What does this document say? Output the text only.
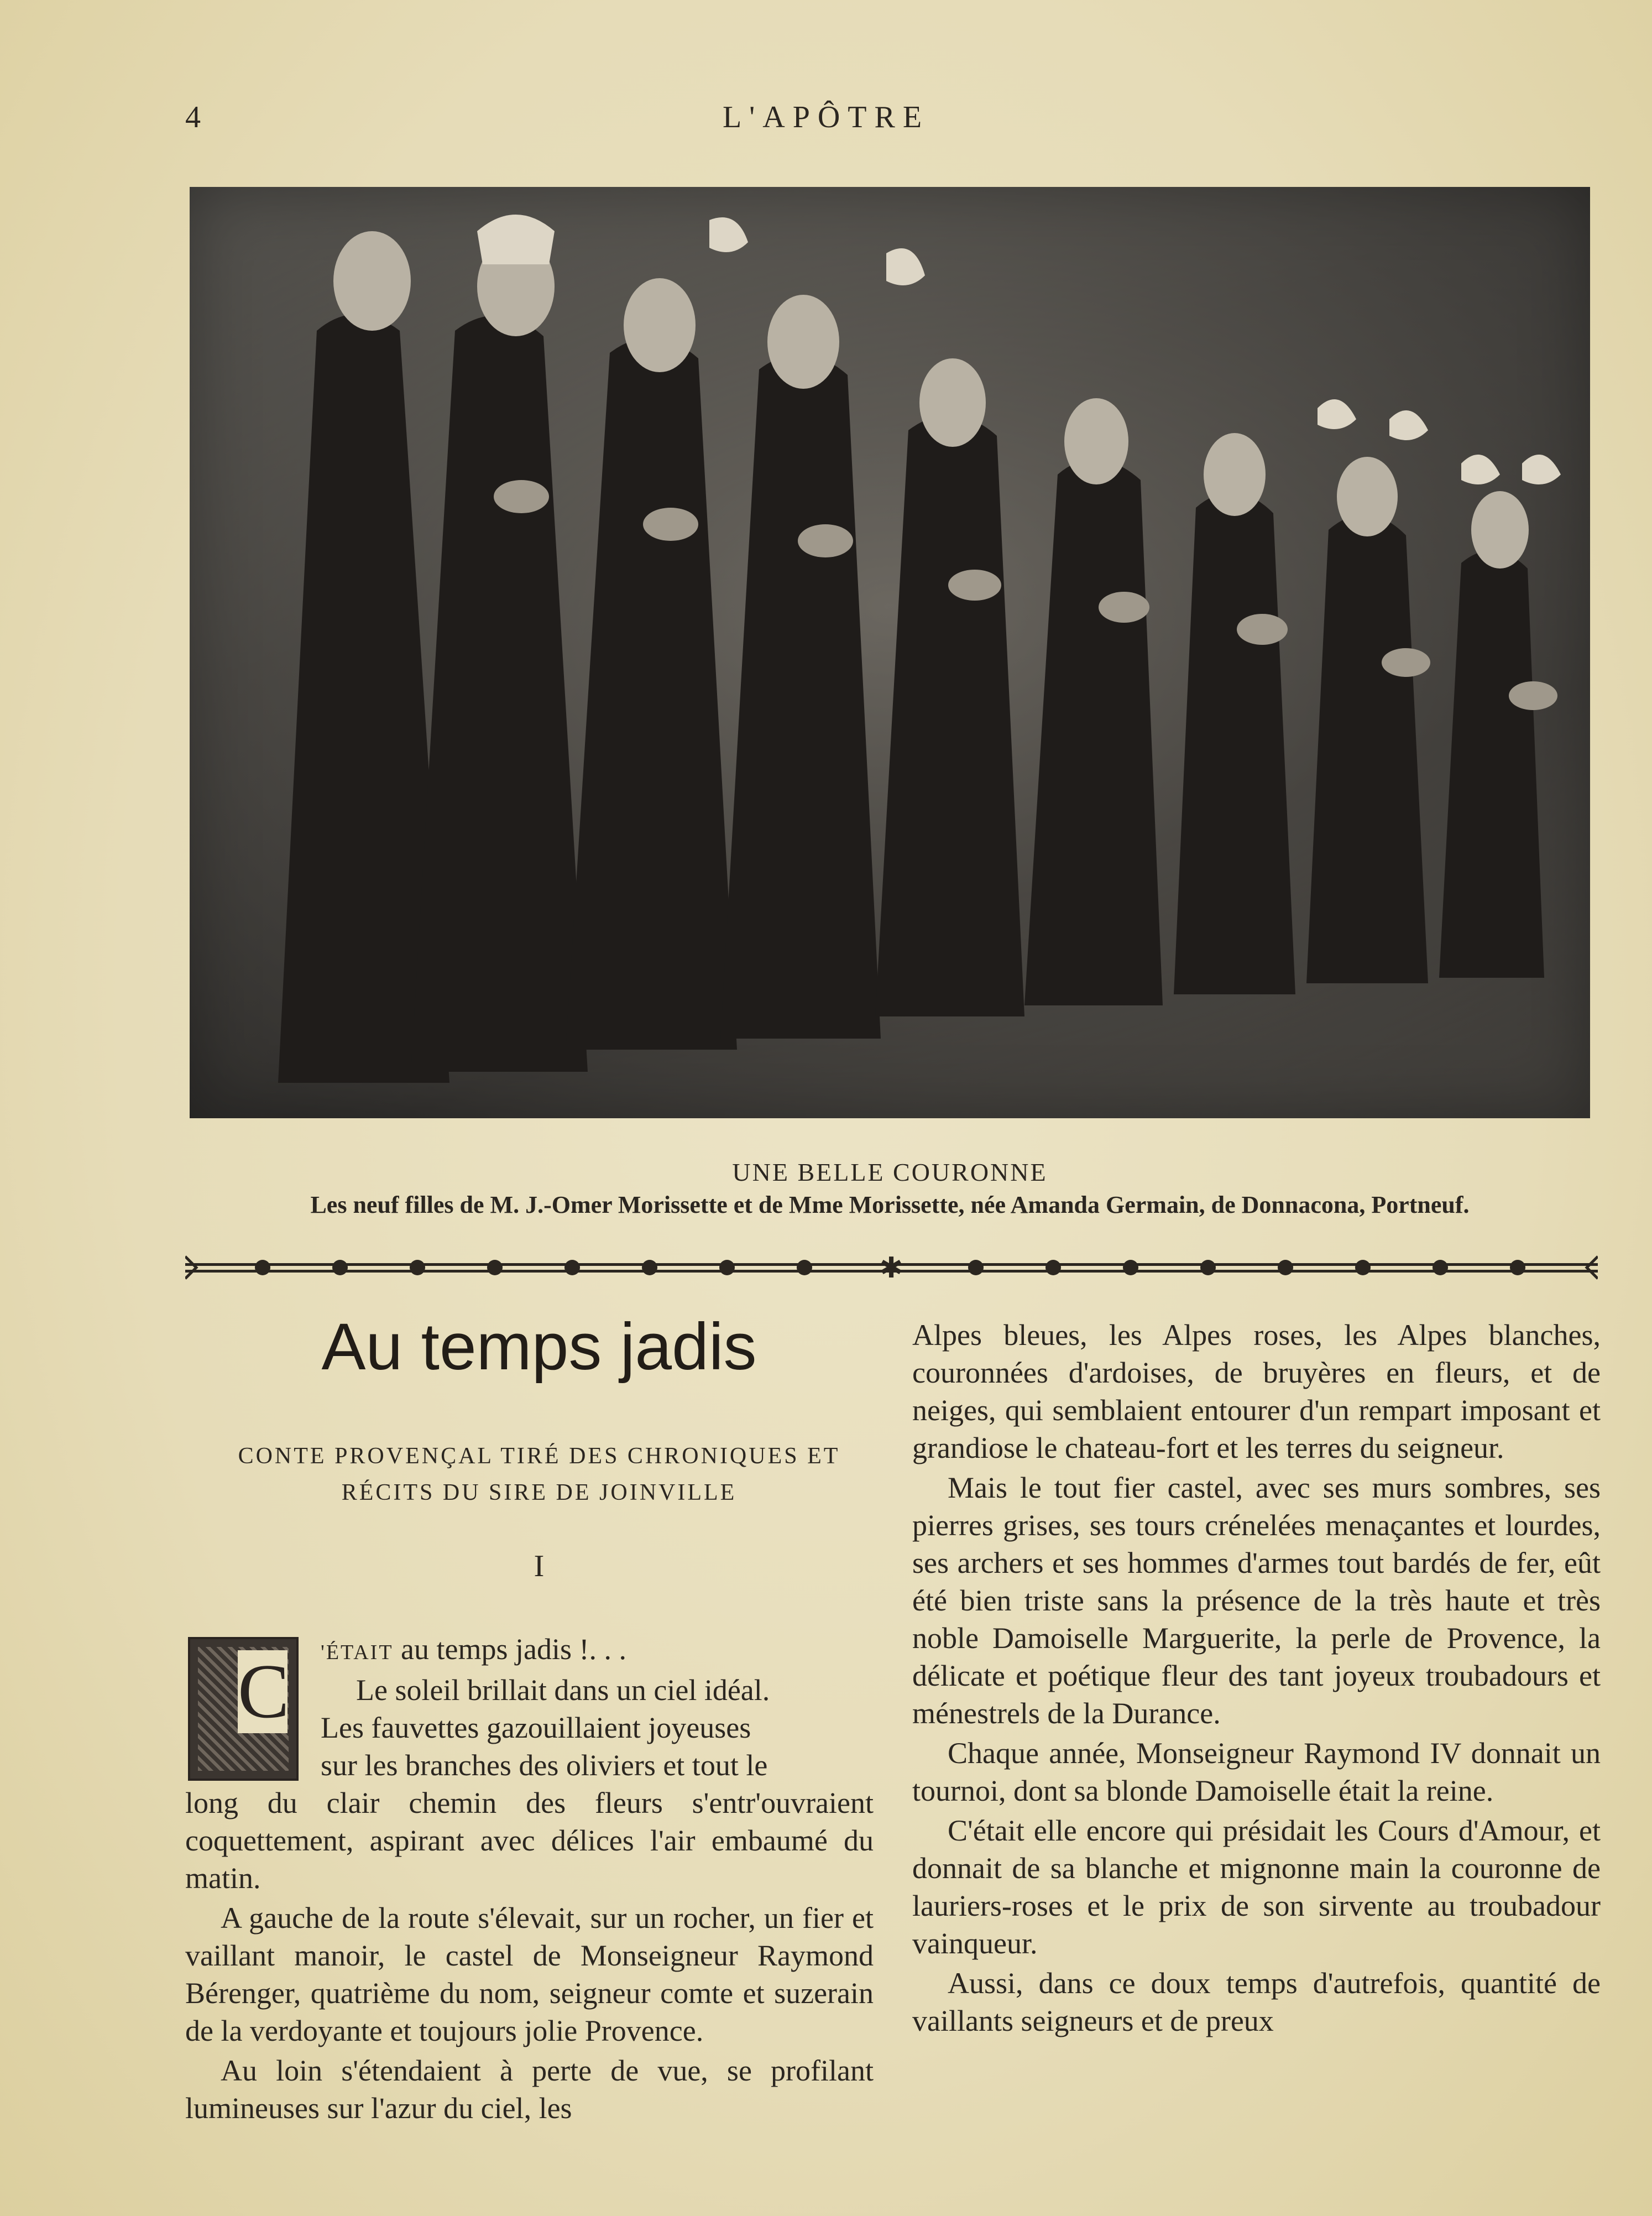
4	L'APÔTRE
UNE BELLE COURONNE
Les neuf filles de M. J.-Omer Morissette et de Mme Morissette, née Amanda Germain, de Donnacona, Portneuf.
✱
Au temps jadis
CONTE PROVENÇAL TIRÉ DES CHRONIQUES ET
RÉCITS DU SIRE DE JOINVILLE
I
C	'ÉTAIT au temps jadis !. . .

Le soleil brillait dans un ciel idéal.

Les fauvettes gazouillaient joyeuses

sur les branches des oliviers et tout le

long du clair chemin des fleurs s'entr'ouvraient coquettement, aspirant avec délices l'air embaumé du matin.

A gauche de la route s'élevait, sur un rocher, un fier et vaillant manoir, le castel de Monseigneur Raymond Bérenger, quatrième du nom, seigneur comte et suzerain de la verdoyante et toujours jolie Provence.

Au loin s'étendaient à perte de vue, se profilant lumineuses sur l'azur du ciel, les

Alpes bleues, les Alpes roses, les Alpes blanches, couronnées d'ardoises, de bruyères en fleurs, et de neiges, qui semblaient entourer d'un rempart imposant et grandiose le chateau-fort et les terres du seigneur.

Mais le tout fier castel, avec ses murs sombres, ses pierres grises, ses tours crénelées menaçantes et lourdes, ses archers et ses hommes d'armes tout bardés de fer, eût été bien triste sans la présence de la très haute et très noble Damoiselle Marguerite, la perle de Provence, la délicate et poétique fleur des tant joyeux troubadours et ménestrels de la Durance.

Chaque année, Monseigneur Raymond IV donnait un tournoi, dont sa blonde Damoiselle était la reine.

C'était elle encore qui présidait les Cours d'Amour, et donnait de sa blanche et mignonne main la couronne de lauriers-roses et le prix de son sirvente au troubadour vainqueur.

Aussi, dans ce doux temps d'autrefois, quantité de vaillants seigneurs et de preux
